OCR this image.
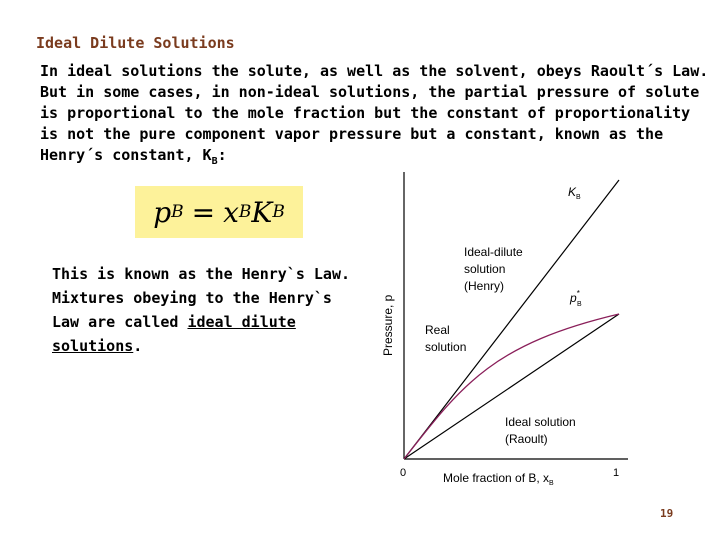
Ideal Dilute Solutions
In ideal solutions the solute, as well as the solvent, obeys Raoult´s Law.
But in some cases, in non-ideal solutions, the partial pressure of solute
is proportional to the mole fraction but the constant of proportionality
is not the pure component vapor pressure but a constant, known as the
Henry´s constant, $K_B$:
p B = x B K B
This is known as the Henry`s Law.
Mixtures obeying to the Henry`s
Law are called ideal dilute
solutions.	Pressure, p
0	1
Mole fraction of B, $x_B$
$K_B$
p* B
Ideal-dilute solution (Henry)
Real solution
Ideal solution (Raoult)
19
